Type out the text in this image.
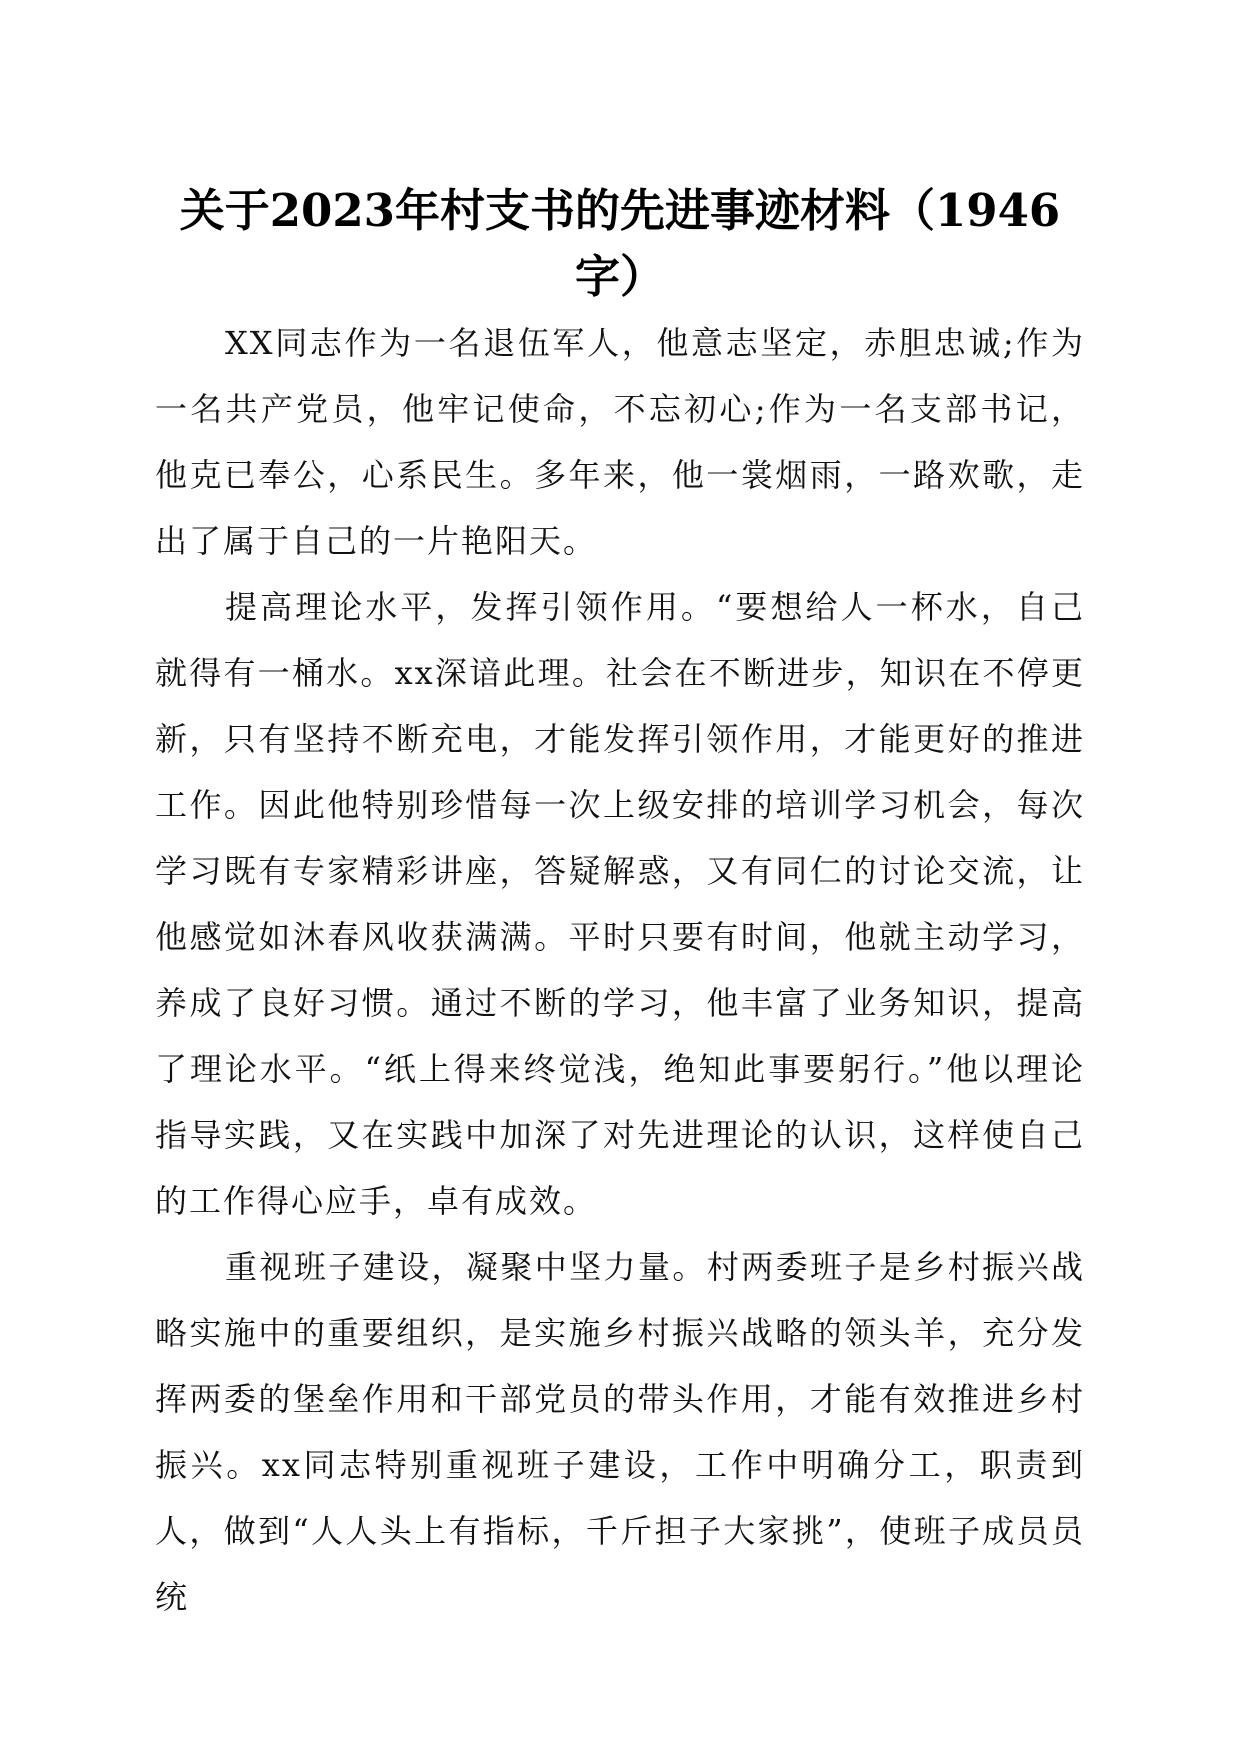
关于2023年村支书的先进事迹材料（1946字）

XX同志作为一名退伍军人，他意志坚定，赤胆忠诚;作为一名共产党员，他牢记使命，不忘初心;作为一名支部书记，他克已奉公，心系民生。多年来，他一裳烟雨，一路欢歌，走出了属于自己的一片艳阳天。

提高理论水平，发挥引领作用。“要想给人一杯水，自己就得有一桶水。xx深谙此理。社会在不断进步，知识在不停更新，只有坚持不断充电，才能发挥引领作用，才能更好的推进工作。因此他特别珍惜每一次上级安排的培训学习机会，每次学习既有专家精彩讲座，答疑解惑，又有同仁的讨论交流，让他感觉如沐春风收获满满。平时只要有时间，他就主动学习，养成了良好习惯。通过不断的学习，他丰富了业务知识，提高了理论水平。“纸上得来终觉浅，绝知此事要躬行。”他以理论指导实践，又在实践中加深了对先进理论的认识，这样使自己的工作得心应手，卓有成效。

重视班子建设，凝聚中坚力量。村两委班子是乡村振兴战略实施中的重要组织，是实施乡村振兴战略的领头羊，充分发挥两委的堡垒作用和干部党员的带头作用，才能有效推进乡村振兴。xx同志特别重视班子建设，工作中明确分工，职责到人，做到“人人头上有指标，千斤担子大家挑”，使班子成员员统
